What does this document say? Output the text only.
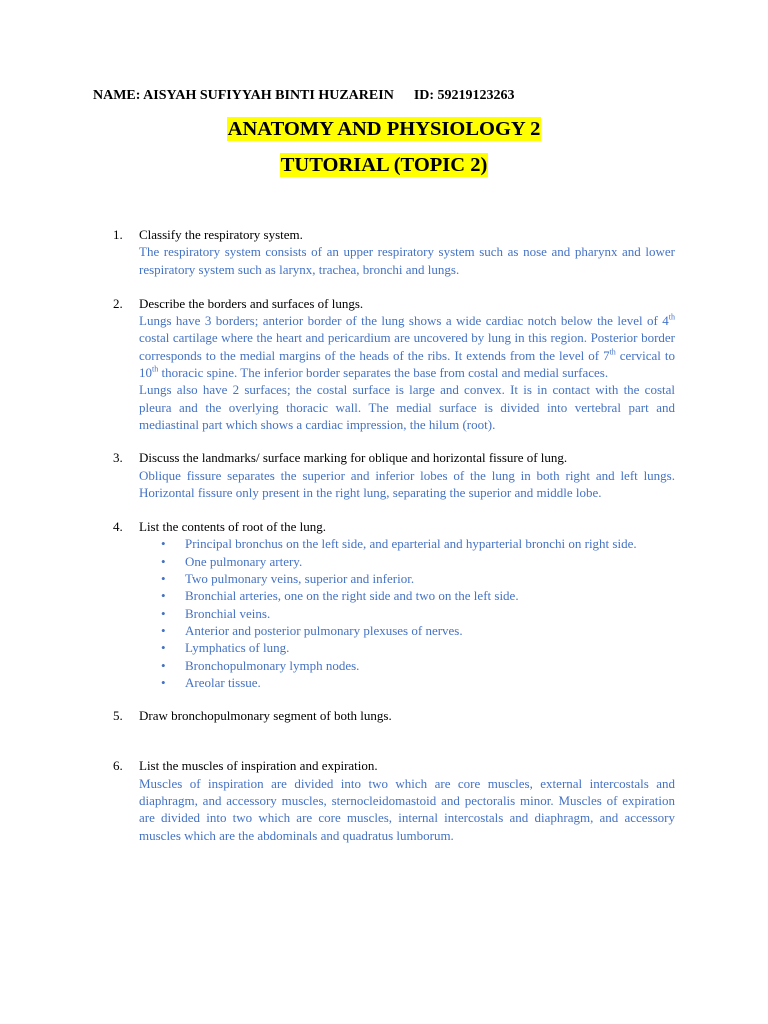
NAME: AISYAH SUFIYYAH BINTI HUZAREIN ID: 59219123263
ANATOMY AND PHYSIOLOGY 2
TUTORIAL (TOPIC 2)
1. Classify the respiratory system.
The respiratory system consists of an upper respiratory system such as nose and pharynx and lower respiratory system such as larynx, trachea, bronchi and lungs.
2. Describe the borders and surfaces of lungs.
Lungs have 3 borders; anterior border of the lung shows a wide cardiac notch below the level of 4th costal cartilage where the heart and pericardium are uncovered by lung in this region. Posterior border corresponds to the medial margins of the heads of the ribs. It extends from the level of 7th cervical to 10th thoracic spine. The inferior border separates the base from costal and medial surfaces.
Lungs also have 2 surfaces; the costal surface is large and convex. It is in contact with the costal pleura and the overlying thoracic wall. The medial surface is divided into vertebral part and mediastinal part which shows a cardiac impression, the hilum (root).
3. Discuss the landmarks/ surface marking for oblique and horizontal fissure of lung.
Oblique fissure separates the superior and inferior lobes of the lung in both right and left lungs. Horizontal fissure only present in the right lung, separating the superior and middle lobe.
4. List the contents of root of the lung.
• Principal bronchus on the left side, and eparterial and hyparterial bronchi on right side.
• One pulmonary artery.
• Two pulmonary veins, superior and inferior.
• Bronchial arteries, one on the right side and two on the left side.
• Bronchial veins.
• Anterior and posterior pulmonary plexuses of nerves.
• Lymphatics of lung.
• Bronchopulmonary lymph nodes.
• Areolar tissue.
5. Draw bronchopulmonary segment of both lungs.
6. List the muscles of inspiration and expiration.
Muscles of inspiration are divided into two which are core muscles, external intercostals and diaphragm, and accessory muscles, sternocleidomastoid and pectoralis minor. Muscles of expiration are divided into two which are core muscles, internal intercostals and diaphragm, and accessory muscles which are the abdominals and quadratus lumborum.
